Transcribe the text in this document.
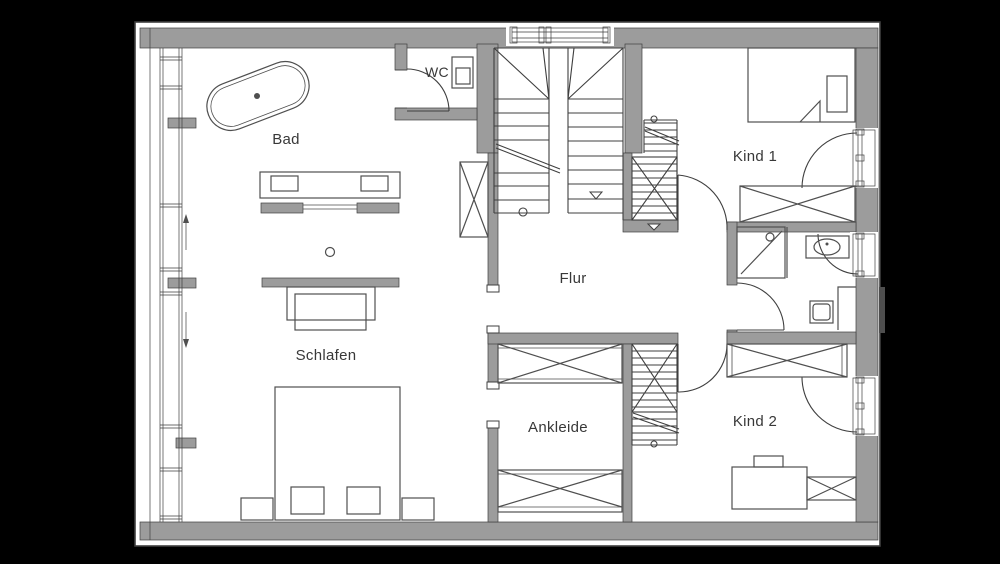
Bad
WC
Schlafen
Flur
Ankleide
Kind 1
Kind 2
